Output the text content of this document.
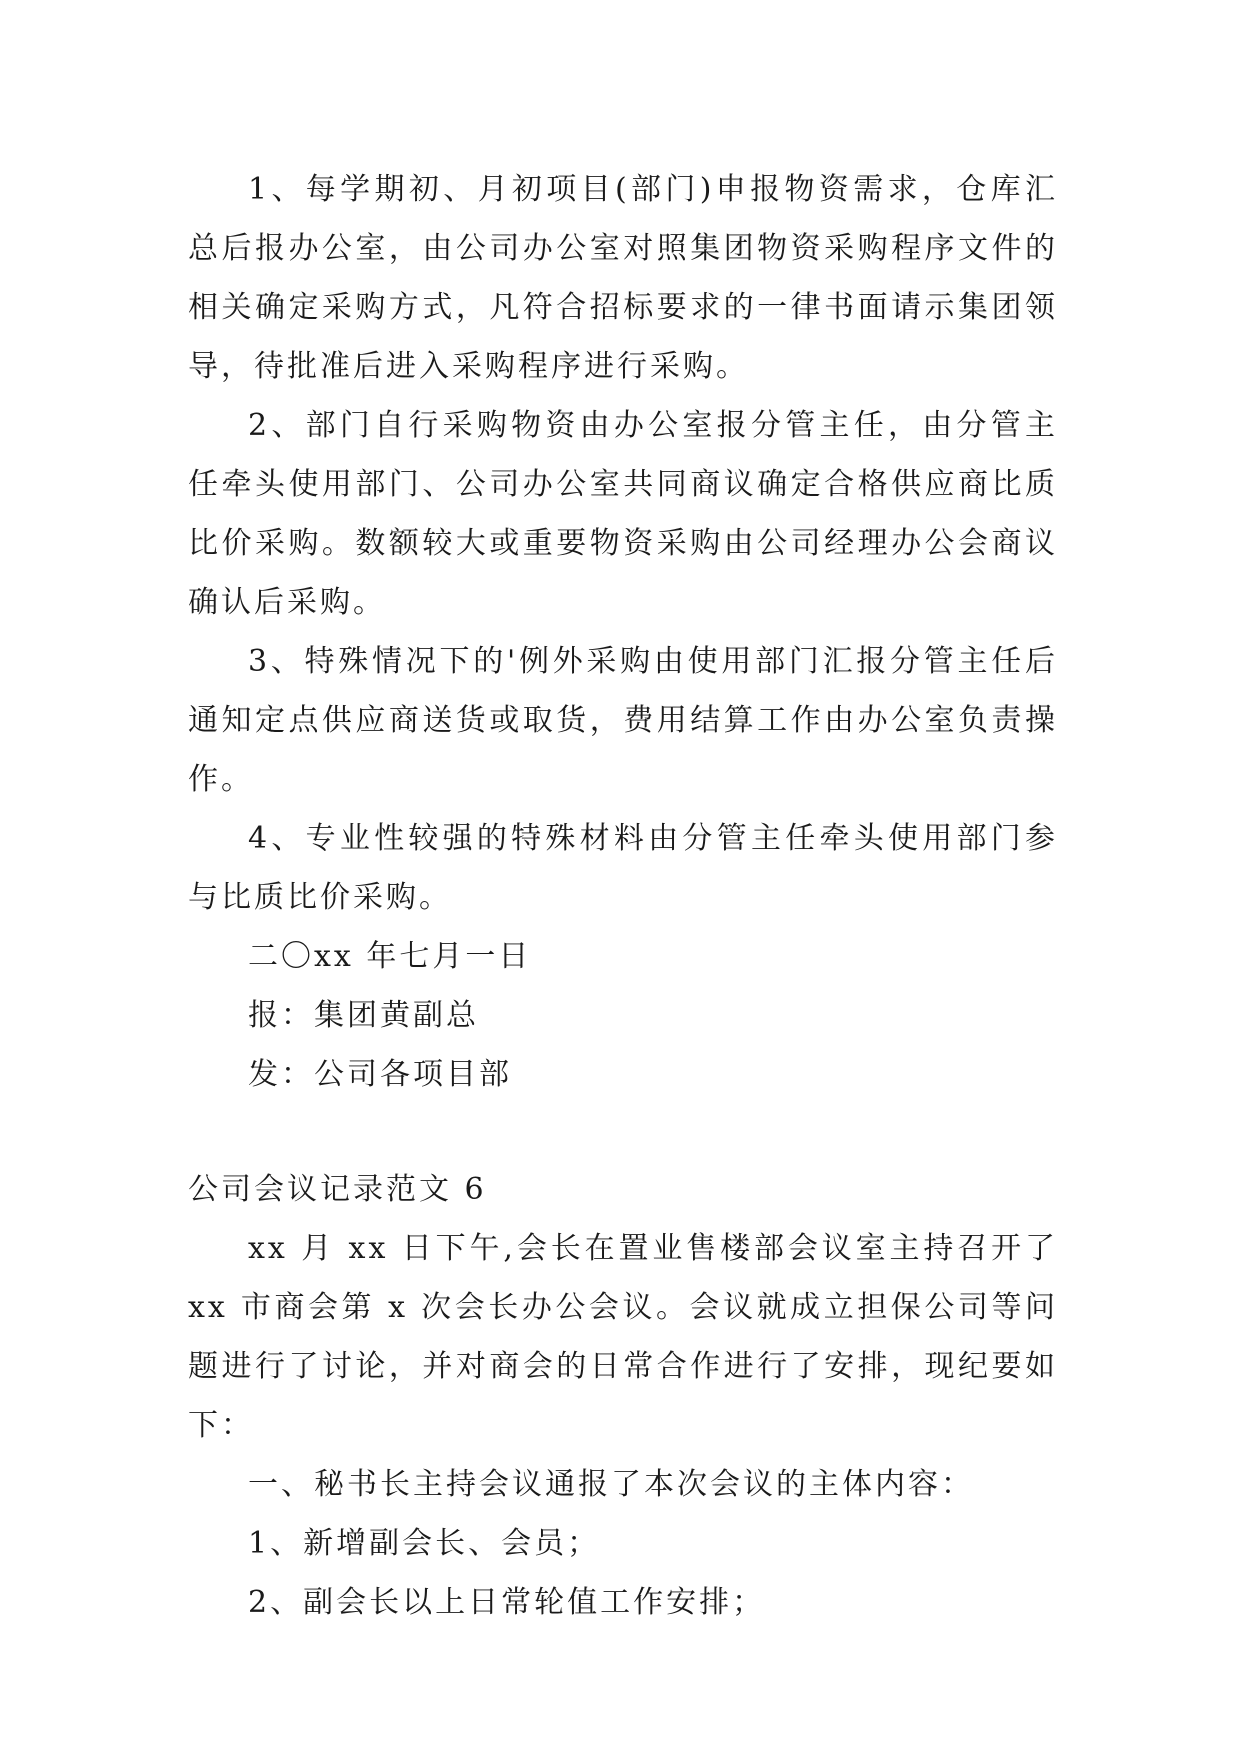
1、每学期初、月初项目(部门)申报物资需求，仓库汇总后报办公室，由公司办公室对照集团物资采购程序文件的相关确定采购方式，凡符合招标要求的一律书面请示集团领导，待批准后进入采购程序进行采购。

2、部门自行采购物资由办公室报分管主任，由分管主任牵头使用部门、公司办公室共同商议确定合格供应商比质比价采购。数额较大或重要物资采购由公司经理办公会商议确认后采购。

3、特殊情况下的'例外采购由使用部门汇报分管主任后通知定点供应商送货或取货，费用结算工作由办公室负责操作。

4、专业性较强的特殊材料由分管主任牵头使用部门参与比质比价采购。

二〇xx 年七月一日

报：集团黄副总

发：公司各项目部

公司会议记录范文 6

xx 月 xx 日下午,会长在置业售楼部会议室主持召开了 xx 市商会第 x 次会长办公会议。会议就成立担保公司等问题进行了讨论，并对商会的日常合作进行了安排，现纪要如下：

一、秘书长主持会议通报了本次会议的主体内容：

1、新增副会长、会员；

2、副会长以上日常轮值工作安排；
